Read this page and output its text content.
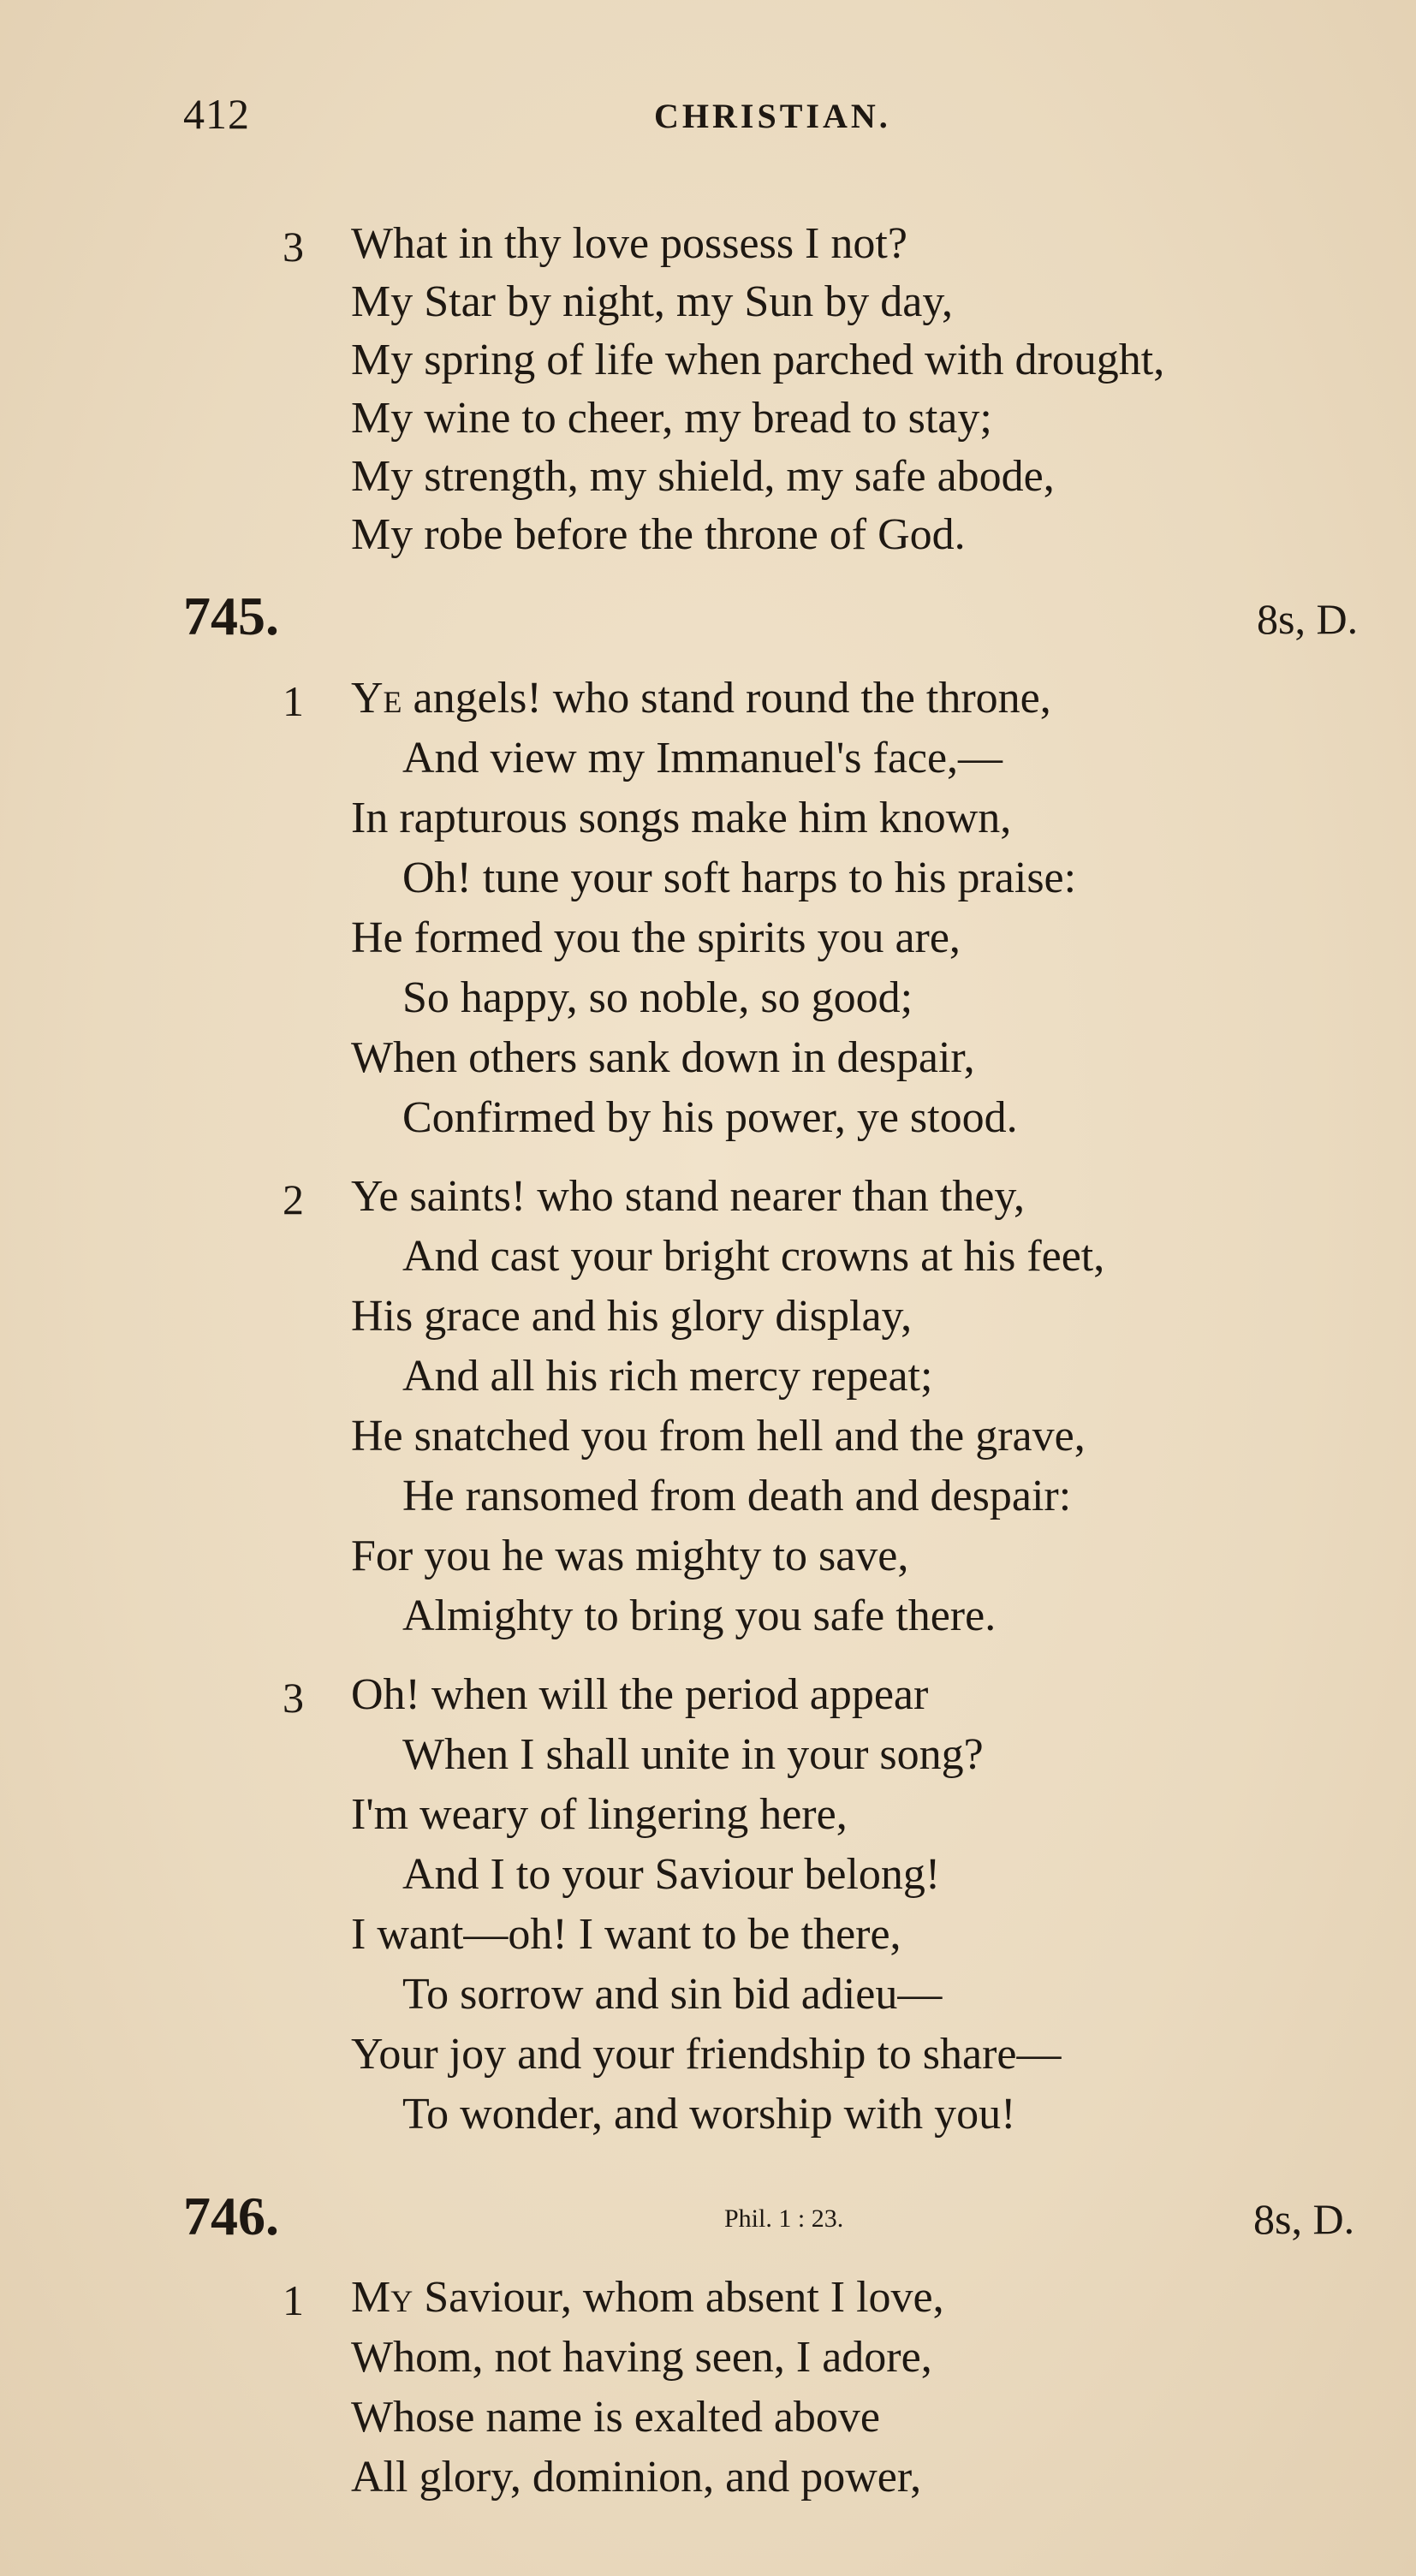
412	CHRISTIAN.
3 What in thy love possess I not?
My Star by night, my Sun by day,
My spring of life when parched with drought,
My wine to cheer, my bread to stay;
My strength, my shield, my safe abode,
My robe before the throne of God.
745.	8s, D.
1 Ye angels! who stand round the throne,
And view my Immanuel's face,—
In rapturous songs make him known,
Oh! tune your soft harps to his praise:
He formed you the spirits you are,
So happy, so noble, so good;
When others sank down in despair,
Confirmed by his power, ye stood.
2 Ye saints! who stand nearer than they,
And cast your bright crowns at his feet,
His grace and his glory display,
And all his rich mercy repeat;
He snatched you from hell and the grave,
He ransomed from death and despair:
For you he was mighty to save,
Almighty to bring you safe there.
3 Oh! when will the period appear
When I shall unite in your song?
I'm weary of lingering here,
And I to your Saviour belong!
I want—oh! I want to be there,
To sorrow and sin bid adieu—
Your joy and your friendship to share—
To wonder, and worship with you!
746.	Phil. 1 : 23.	8s, D.
1 My Saviour, whom absent I love,
Whom, not having seen, I adore,
Whose name is exalted above
All glory, dominion, and power,
